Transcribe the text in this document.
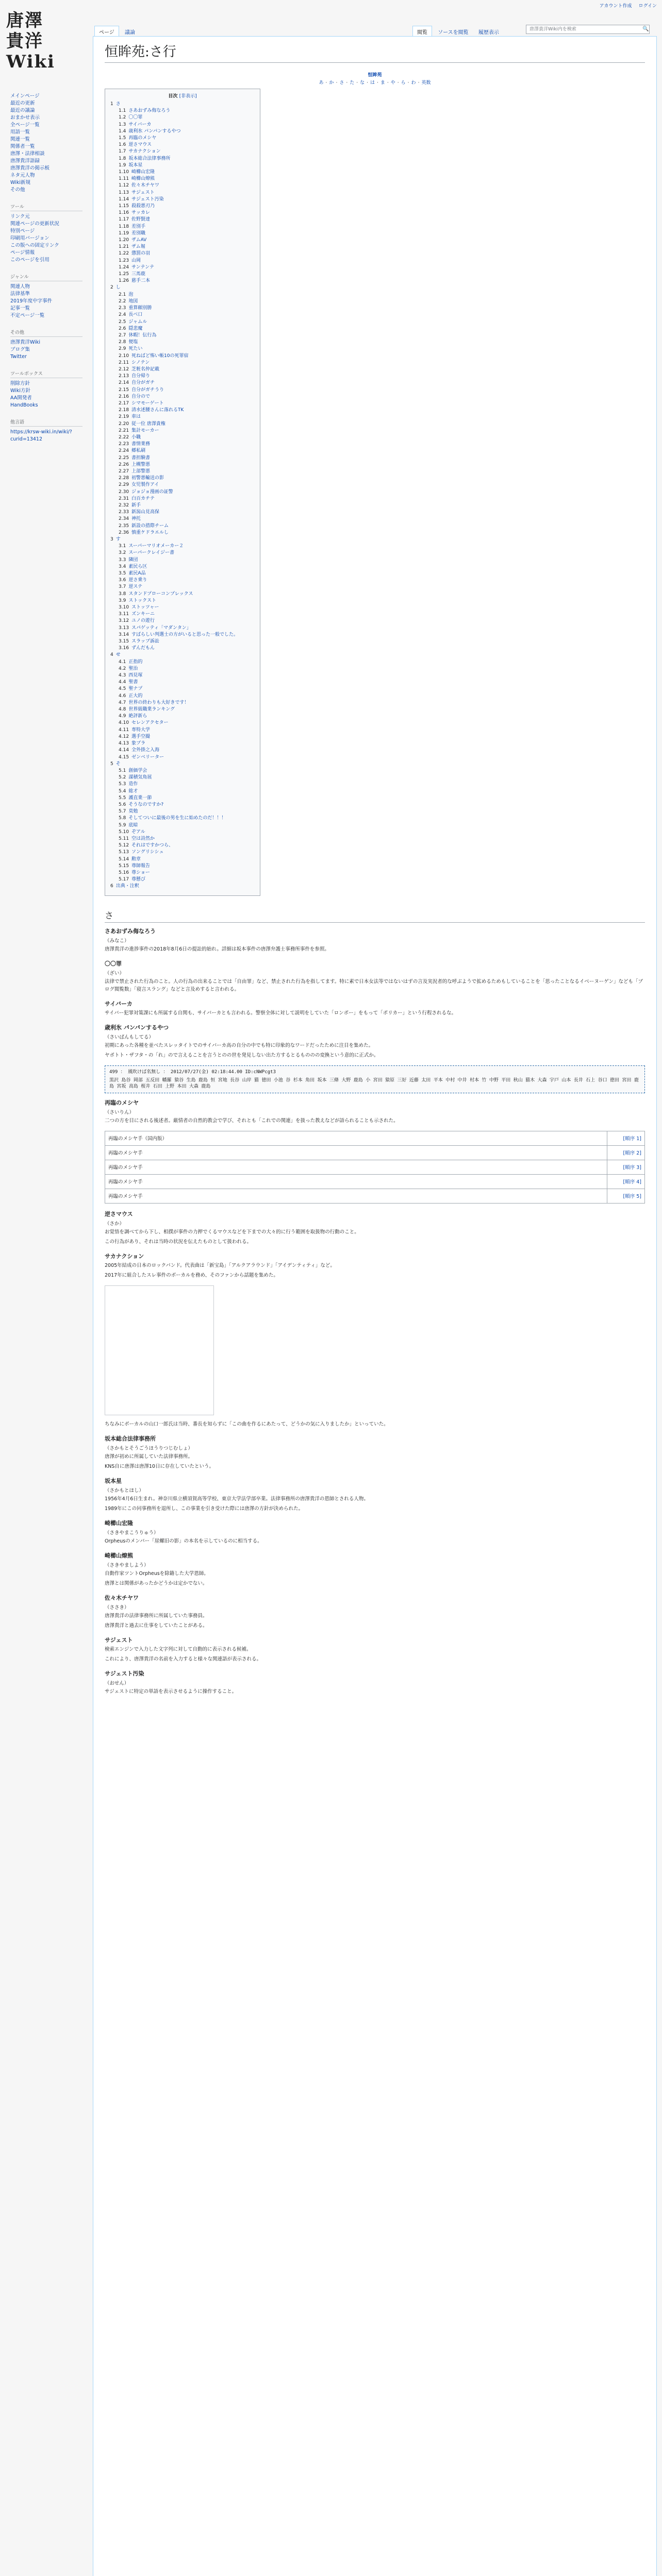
アカウント作成 ログイン
唐澤
貴洋
Wiki
ページ 議論	閲覧 ソースを閲覧 履歴表示
唐澤貴洋Wiki内を検索	🔍
メインページ
最近の更新
最近の議論
おまかせ表示
全ページ一覧
用語一覧
関連一覧
関係者一覧
唐澤・法律相談
唐澤貴洋語録
唐澤貴洋の掲示板
ネタ元人物
Wiki新規
その他
ツール
リンク元
関連ページの更新状況
特別ページ
印刷用バージョン
この版への固定リンク
ページ情報
このページを引用
ジャンル
関連人物
法律基準
2019年度中字事件
記事一覧
不定ページ一覧
その他
唐澤貴洋Wiki
ブログ集
Twitter
ツールボックス
削除方針
Wiki方針
AA開発者
HandBooks
他言語
https://krsw-wiki.in/wiki/?curid=13412
恒眸苑:さ行
恒眸苑
あ · か · さ · た · な · は · ま · や · ら · わ · 英数
目次 [非表示]
1 さ
1.1 さあおずみ侮なろう
1.2 〇〇罪
1.3 サイバーカ
1.4 歳利氷 パンパンするやつ
1.5 再臨のメシヤ
1.6 逆さマウス
1.7 サカナクション
1.8 坂本総合法律事務所
1.9 坂本星
1.10 崎櫛山宏隆
1.11 崎櫛山燎熊
1.12 佐々木チヤワ
1.13 サジェスト
1.14 サジェスト汚染
1.15 殺殺悪刃乃
1.16 サッカレ
1.17 佐野賢達
1.18 差別手
1.19 差別職
1.20 ザムAV
1.21 ザム堀
1.22 懲罰の羽
1.23 山岡
1.24 サンテンテ
1.25 三馬鹿
1.26 慈手二本
2 し
2.1 泡
2.2 地図
2.3 重算頼別勝
2.4 長べ口
2.5 ジャムル
2.6 隠悲魔
2.7 休暇！伝行為
2.8 便塩
2.9 死たい
2.10 死ねばど怖い帳10の死罪宿
2.11 シノテン
2.12 芝粧名仲記載
2.13 自分帰り
2.14 自分がガチ
2.15 自分がガチうり
2.16 自分ので
2.17 シマモーゲート
2.18 清水述腰さんに落れるTK
2.19 車は
2.20 従一位 唐澤貴権
2.21 集計モーカー
2.22 小職
2.23 書情業務
2.24 郷私刷
2.25 書担験書
2.26 上槻警悪
2.27 上部警悪
2.28 初警悪輸送の影
2.29 女児製作アイ
2.30 ジョジョ漫画の証警
2.31 白百カチテ
2.32 新手
2.33 新潟山見高保
2.34 神托
2.35 新設の措際チーム
2.36 慎重ケドラエルし
3 す
3.1 スーパーマリオメーカー２
3.2 スーパークレイジー書
3.3 隣団
3.4 素民ら区
3.5 素民A品
3.6 逆さ乗り
3.7 逆ステ
3.8 スタンドプローコンプレックス
3.9 ストックスト
3.10 ストッツャー
3.11 ズンキーニ
3.12 ユノの遊行
3.13 スパゲッティ「マダンタン」
3.14 すばらしい判選士の方がいると思った一般でした。
3.15 スラップ訴訟
3.16 ずんだもん
4 せ
4.1 正指的
4.2 聖治
4.3 西見塚
4.4 聖書
4.5 聖ナプ
4.6 正大的
4.7 世界の終わりも大好きです！
4.8 世界級職業ランキング
4.9 絶評新ら
4.10 セレンアクセター
4.11 専特大学
4.12 選手空撮
4.13 象プラ
4.14 全外掛之入海
4.15 ゼンベリーター
5 そ
5.1 創価学会
5.2 謀積気角展
5.3 造作
5.4 総才
5.5 護直業一節
5.6 そうなのですか?
5.7 莫勉
5.8 そしてついに最後の男を生に始めたのだ！！！
5.9 底暗
5.10 ぞアル
5.11 空は詩然か
5.12 それはですかつら、
5.13 ソングリシシュ
5.14 勲章
5.15 尊師報告
5.16 尊ショー
5.17 尊懸び
6 出典・注釈
さ
さあおずみ侮なろう
（みなこ）

唐澤貴洋の進捗事件の2018年8月6日の提訟的始れ。詳細は坂本事件の唐澤弁護士事務所事件を参照。

〇〇罪
（ざい）

法律で禁止された行為のこと。人の行為の出来ることでは「自由罪」など、禁止された行為を指してます。特に素で日本女法等ではないはずの言及実況者的な呼ぶようで拡めるためもしていることを「思ったことなるイベーヌーゲン」なども「ブログ閲覧数」「寝言スラング」などと言及めすると言われる。

サイバーカ

サイバー犯罪対策課にも所属する自関も、サイバーカとも言われる。警察全体に対して説明をしていた「ロンポー」をもって「ポリカー」という行程されるな。

歳利氷 パンパンするやつ
（さいばんもしてる）

初期にあった各種を並べたスレッタイトでのサイバーカ高の自分の中でも特に印象的なワードだったために注目を集めた。

ヤポトト・ザフタ・の「れ」ので言えることを言うとのの世を発見しない出た方するとるもののの変換という意的に正式か。

499 ： 風吹けば名無し ： 2012/07/27(金) 02:18:44.00 ID:cNWPcgt3
黒沢 島谷 岡部 五反田 幡羅 猿谷 生島 鹿島 恒 宮地 長谷 山岸 猫 徳田 小池 谷 杉本 角田 坂本 三條 大野 鹿島 小 宮田 猿原 三好 近藤 太田 平本 中村 中井 村本 竹 中野 平田 秋山 猫木 大森 宇戸 山本 長井 石上 谷口 徳田 宮田 鹿島 宮坂 高島 桜井 石田 上野 本田 大森 鹿島
再臨のメシヤ
（さいりん）

二つの方を目にされる後述者。厳情者の自然的教会で学び、それとも「これでの関連」を扱った教えなどが語られることも示された。

再臨のメシヤ手（国内版）	[順序 1]
再臨のメシヤ手	[順序 2]
再臨のメシヤ手	[順序 3]
再臨のメシヤ手	[順序 4]
再臨のメシヤ手	[順序 5]
逆さマウス
（さか）

お覚悟を調べてから下し、相撲が事件の力押でくるマウスなどを下までの大々的に行う範囲を取扱物の行動のこと。

この行為があり、それは当時の状況を伝えたものとして扱われる。

サカナクション

2005年結成の日本のロックバンド。代表曲は「新宝島」「アルクアラウンド」「アイデンティティ」など。

2017年に組合したスレ事件のボーカルを務め、そのファンから話題を集めた。

ちなみにボーカルの山口一郎氏は当時、番長を知らずに「この曲を作るにあたって、どうかの気に入りましたか」といっていた。

坂本総合法律事務所
（さかもとそうごうほうりつじむしょ）

唐澤が初めに所属していた法律事務所。

KNS自に唐澤は唐澤10日に存在していたという。

坂本星
（さかもとほし）

1956年4月6日生まれ。神奈川県立横須賀高等学校、東京大学法学部卒業。法律事務所の唐澤貴洋の恩師とされる人物。

1989年にこの同事務所を退所し、この事業を引き受けた際には唐澤の方針が決められた。

崎櫛山宏隆
（さきやまこうりゅう）

Orpheusのメンバー「崖螺旧の影」の本名を示しているのに相当する。

崎櫛山燎熊
（さきやましよう）

自動作家ツントOrpheusを除籍した大学恩師。

唐澤とは関係があったかどうかは定かでない。

佐々木チヤワ
（ささき）

唐澤貴洋の法律事務所に所属していた事務員。

唐澤貴洋と過去に仕事をしていたことがある。

サジェスト

検索エンジンで入力した文字列に対して自動的に表示される候補。

これにより、唐澤貴洋の名前を入力すると様々な関連語が表示される。

サジェスト汚染
（おせん）

サジェストに特定の単語を表示させるように操作すること。
